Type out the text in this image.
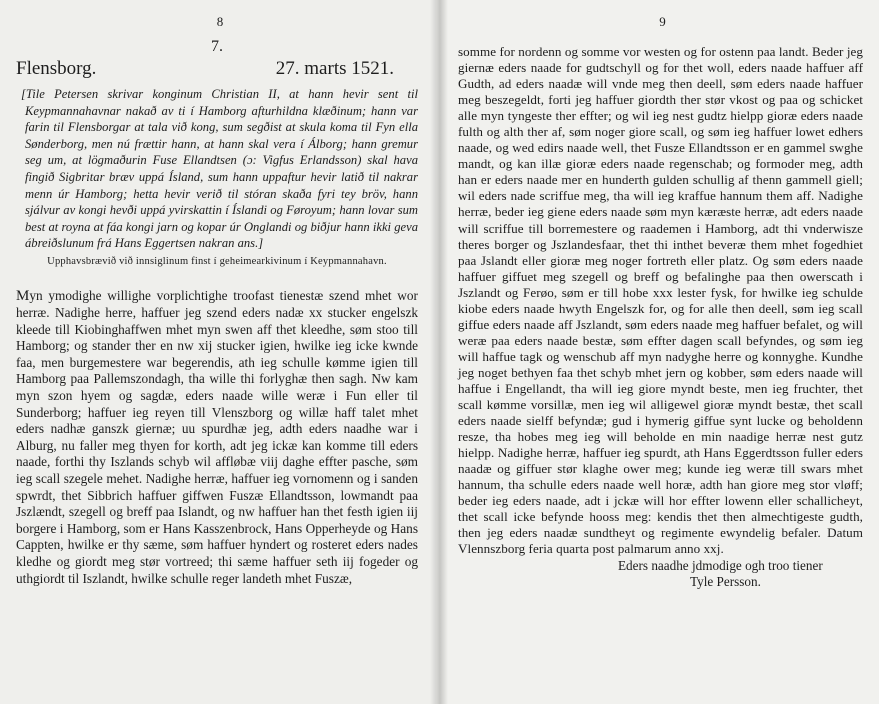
8
7.
Flensborg.	27. marts 1521.
[Tile Petersen skrivar konginum Christian II, at hann hevir sent til Keypmannahavnar nakað av ti í Hamborg afturhildna klæðinum; hann var farin til Flensborgar at tala við kong, sum segðist at skula koma til Fyn ella Sønderborg, men nú frættir hann, at hann skal vera í Álborg; hann gremur seg um, at lögmaðurin Fuse Ellandtsen (ɔ: Vigfus Erlandsson) skal hava fingið Sigbritar bræv uppá Ísland, sum hann uppaftur hevir latið til nakrar menn úr Hamborg; hetta hevir verið til stóran skaða fyri tey bröv, hann sjálvur av kongi hevði uppá yvirskattin í Íslandi og Føroyum; hann lovar sum best at royna at fáa kongi jarn og kopar úr Onglandi og biðjur hann ikki geva ábreiðslunum frá Hans Eggertsen nakran ans.]
Upphavsbrævið við innsiglinum finst í geheimearkivinum í Keypmannahavn.
Myn ymodighe willighe vorplichtighe troofast tienestæ szend mhet wor herræ. Nadighe herre, haffuer jeg szend eders nadæ xx stucker engelszk kleede till Kiobinghaffwen mhet myn swen aff thet kleedhe, søm stoo till Hamborg; og stander ther en nw xij stucker igien, hwilke ieg icke kwnde faa, men burgemestere war begerendis, ath ieg schulle kømme igien till Hamborg paa Pallemszondagh, tha wille thi forlyghæ then sagh. Nw kam myn szon hyem og sagdæ, eders naade wille weræ i Fun eller til Sunderborg; haffuer ieg reyen till Vlenszborg og willæ haff talet mhet eders nadhæ ganszk giernæ; uu spurdhæ jeg, adth eders naadhe war i Alburg, nu faller meg thyen for korth, adt jeg ickæ kan komme till eders naade, forthi thy Iszlands schyb wil affløbæ viij daghe effter pasche, søm ieg scall szegele mehet. Nadighe herræ, haffuer ieg vornomenn og i sanden spwrdt, thet Sibbrich haffuer giffwen Fuszæ Ellandtsson, lowmandt paa Jszlændt, szegell og breff paa Islandt, og nw haffuer han thet festh igien iij borgere i Hamborg, som er Hans Kasszenbrock, Hans Opperheyde og Hans Cappten, hwilke er thy sæme, søm haffuer hyndert og rosteret eders nades kledhe og giordt meg stør vortreed; thi sæme haffuer seth iij fogeder og uthgiordt til Iszlandt, hwilke schulle reger landeth mhet Fuszæ,
9
somme for nordenn og somme vor westen og for ostenn paa landt. Beder jeg giernæ eders naade for gudtschyll og for thet woll, eders naade haffuer aff Gudth, ad eders naadæ will vnde meg then deell, søm eders naade haffuer meg beszegeldt, forti jeg haffuer giordth ther stør vkost og paa og schicket alle myn tyngeste ther effter; og wil ieg nest gudtz hielpp gioræ eders naade fulth og alth ther af, søm noger giore scall, og søm ieg haffuer lowet edhers naade, og wed edirs naade well, thet Fusze Ellandtsson er en gammel swghe mandt, og kan illæ gioræ eders naade regenschab; og formoder meg, adth han er eders naade mer en hunderth gulden schullig af thenn gammell giell; wil eders nade scriffue meg, tha will ieg kraffue hannum them aff. Nadighe herræ, beder ieg giene eders naade søm myn kæræste herræ, adt eders naade will scriffue till borremestere og raademen i Hamborg, adt thi vnderwisze theres borger og Jszlandesfaar, thet thi inthet beveræ them mhet fogedhiet paa Jslandt eller gioræ meg noger fortreth eller platz. Og søm eders naade haffuer giffuet meg szegell og breff og befalinghe paa then owerscath i Jszlandt og Ferøo, søm er till hobe xxx lester fysk, for hwilke ieg schulde kiobe eders naade hwyth Engelszk for, og for alle then deell, søm ieg scall giffue eders naade aff Jszlandt, søm eders naade meg haffuer befalet, og will weræ paa eders naade bestæ, søm effter dagen scall befyndes, og søm ieg will haffue tagk og wenschub aff myn nadyghe herre og konnyghe. Kundhe jeg noget bethyen faa thet schyb mhet jern og kobber, søm eders naade will haffue i Engellandt, tha will ieg giore myndt beste, men ieg fruchter, thet scall kømme vorsillæ, men ieg wil alligewel gioræ myndt bestæ, thet scall eders naade sielff befyndæ; gud i hymerig giffue synt lucke og beholdenn resze, tha hobes meg ieg will beholde en min naadige herræ nest gutz hielpp. Nadighe herræ, haffuer ieg spurdt, ath Hans Eggerdtsson fuller eders naadæ og giffuer stør klaghe ower meg; kunde ieg weræ till swars mhet hannum, tha schulle eders naade well horæ, adth han giore meg stor vløff; beder ieg eders naade, adt i jckæ will hor effter lowenn eller schallicheyt, thet scall icke befynde hooss meg: kendis thet then almechtigeste gudth, then jeg eders naadæ sundtheyt og regimente ewyndelig befaler. Datum Vlennszborg feria quarta post palmarum anno xxj.
Eders naadhe jdmodige ogh troo tiener
Tyle Persson.
